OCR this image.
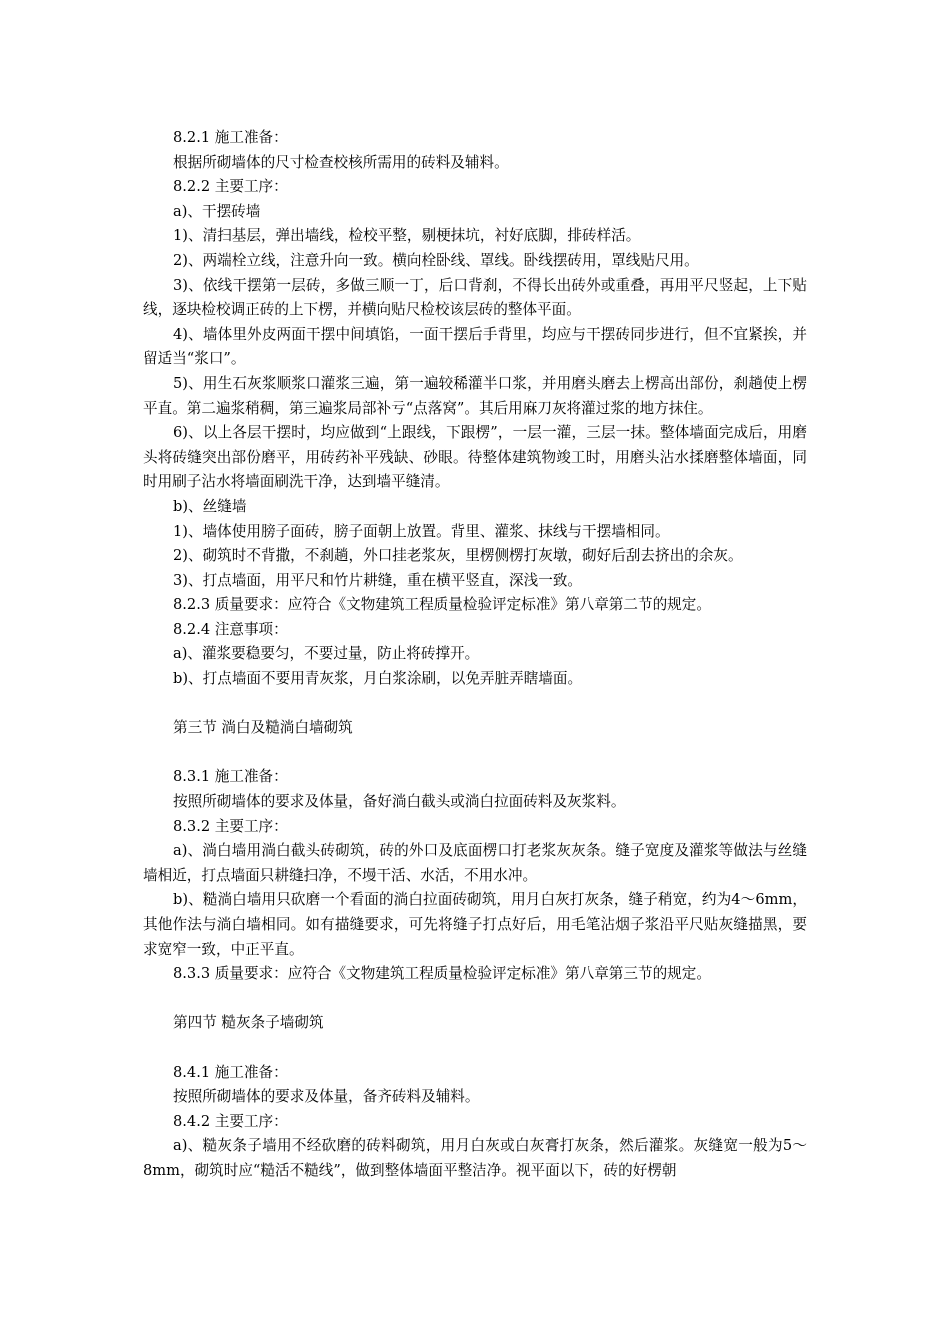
8.2.1 施工准备：

根据所砌墙体的尺寸检查校核所需用的砖料及辅料。

8.2.2 主要工序：

a)、干摆砖墙

1)、清扫基层，弹出墙线，检校平整，剔梗抹坑，衬好底脚，排砖样活。

2)、两端栓立线，注意升向一致。横向栓卧线、罩线。卧线摆砖用，罩线贴尺用。

3)、依线干摆第一层砖，多做三顺一丁，后口背刹，不得长出砖外或重叠，再用平尺竖起，上下贴线，逐块检校调正砖的上下楞，并横向贴尺检校该层砖的整体平面。

4)、墙体里外皮两面干摆中间填馅，一面干摆后手背里，均应与干摆砖同步进行，但不宜紧挨，并留适当“浆口”。

5)、用生石灰浆顺浆口灌浆三遍，第一遍较稀灌半口浆，并用磨头磨去上楞高出部份，刹趟使上楞平直。第二遍浆稍稠，第三遍浆局部补亏“点落窝”。其后用麻刀灰将灌过浆的地方抹住。

6)、以上各层干摆时，均应做到“上跟线，下跟楞”，一层一灌，三层一抹。整体墙面完成后，用磨头将砖缝突出部份磨平，用砖药补平残缺、砂眼。待整体建筑物竣工时，用磨头沾水揉磨整体墙面，同时用刷子沾水将墙面刷洗干净，达到墙平缝清。

b)、丝缝墙

1)、墙体使用膀子面砖，膀子面朝上放置。背里、灌浆、抹线与干摆墙相同。

2)、砌筑时不背撒，不刹趟，外口挂老浆灰，里楞侧楞打灰墩，砌好后刮去挤出的余灰。

3)、打点墙面，用平尺和竹片耕缝，重在横平竖直，深浅一致。

8.2.3 质量要求：应符合《文物建筑工程质量检验评定标准》第八章第二节的规定。

8.2.4 注意事项：

a)、灌浆要稳要匀，不要过量，防止将砖撑开。

b)、打点墙面不要用青灰浆，月白浆涂刷，以免弄脏弄瞎墙面。

第三节 淌白及糙淌白墙砌筑

8.3.1 施工准备：

按照所砌墙体的要求及体量，备好淌白截头或淌白拉面砖料及灰浆料。

8.3.2 主要工序：

a)、淌白墙用淌白截头砖砌筑，砖的外口及底面楞口打老浆灰灰条。缝子宽度及灌浆等做法与丝缝墙相近，打点墙面只耕缝扫净，不墁干活、水活，不用水冲。

b)、糙淌白墙用只砍磨一个看面的淌白拉面砖砌筑，用月白灰打灰条，缝子稍宽，约为4～6mm，其他作法与淌白墙相同。如有描缝要求，可先将缝子打点好后，用毛笔沾烟子浆沿平尺贴灰缝描黑，要求宽窄一致，中正平直。

8.3.3 质量要求：应符合《文物建筑工程质量检验评定标准》第八章第三节的规定。

第四节 糙灰条子墙砌筑

8.4.1 施工准备：

按照所砌墙体的要求及体量，备齐砖料及辅料。

8.4.2 主要工序：

a)、糙灰条子墙用不经砍磨的砖料砌筑，用月白灰或白灰膏打灰条，然后灌浆。灰缝宽一般为5～8mm，砌筑时应“糙活不糙线”，做到整体墙面平整洁净。视平面以下，砖的好楞朝
